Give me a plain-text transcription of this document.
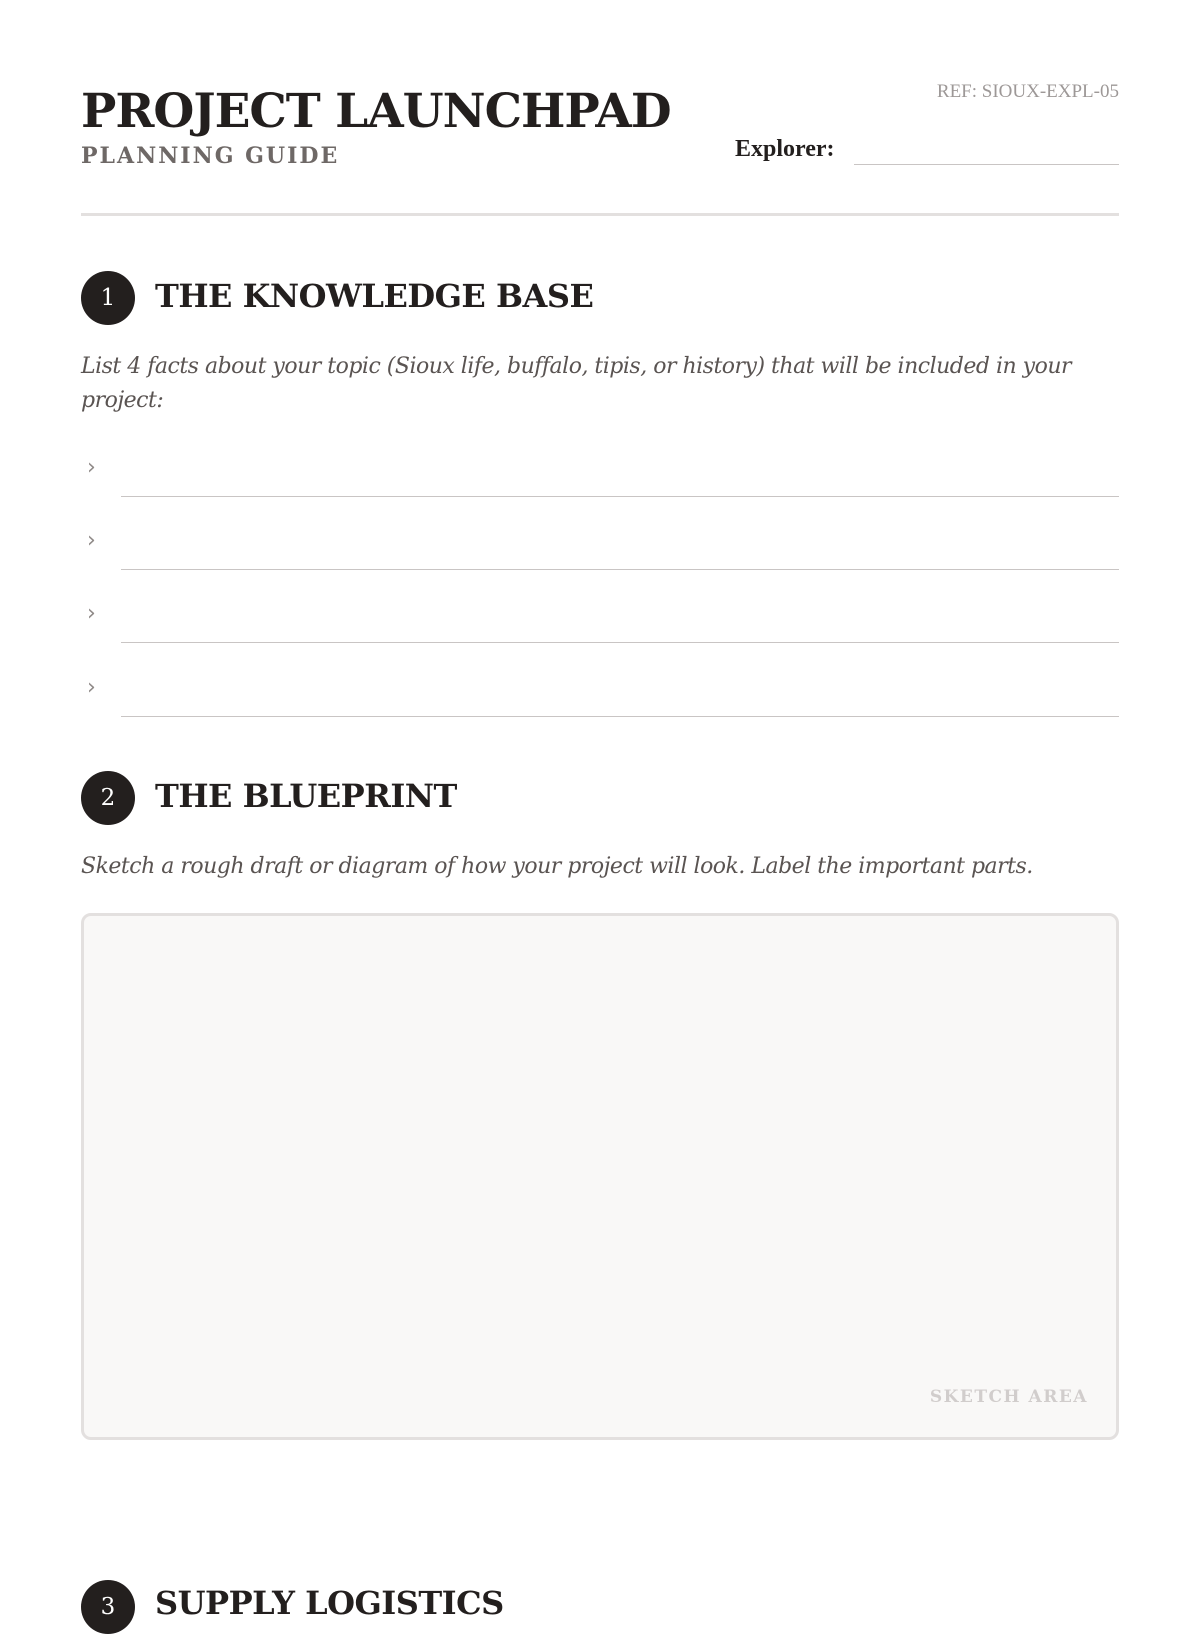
PROJECT LAUNCHPAD
PLANNING GUIDE
REF: SIOUX-EXPL-05
Explorer:
1	THE KNOWLEDGE BASE

List 4 facts about your topic (Sioux life, buffalo, tipis, or history) that will be included in your project:

›
›
›
›
2	THE BLUEPRINT

Sketch a rough draft or diagram of how your project will look. Label the important parts.

SKETCH AREA
3	SUPPLY LOGISTICS
